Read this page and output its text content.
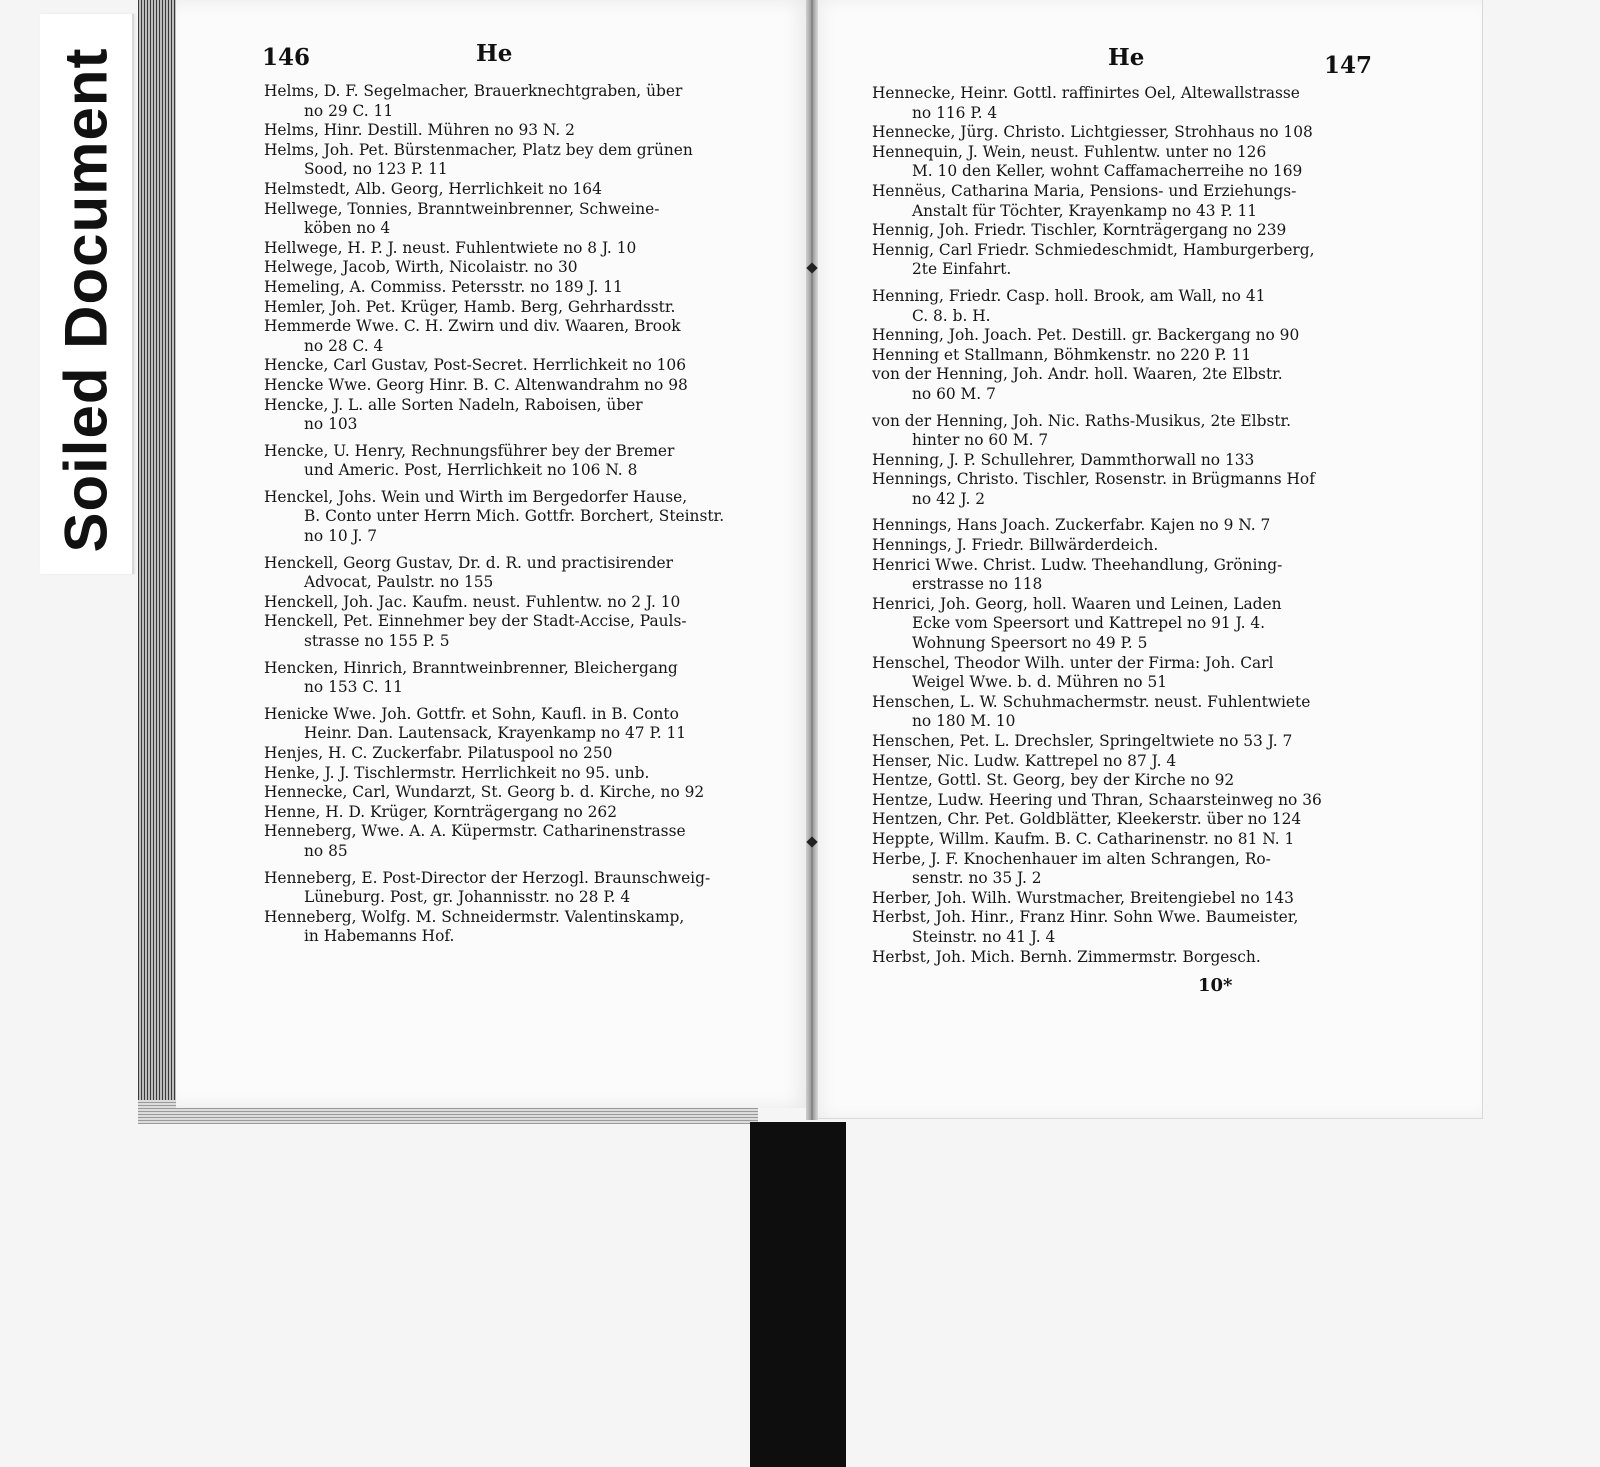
Soiled Document	146	He
Helms, D. F. Segelmacher, Brauerknechtgraben, über
no 29 C. 11
Helms, Hinr. Destill. Mühren no 93 N. 2
Helms, Joh. Pet. Bürstenmacher, Platz bey dem grünen
Sood, no 123 P. 11
Helmstedt, Alb. Georg, Herrlichkeit no 164
Hellwege, Tonnies, Branntweinbrenner, Schweine-
köben no 4
Hellwege, H. P. J. neust. Fuhlentwiete no 8 J. 10
Helwege, Jacob, Wirth, Nicolaistr. no 30
Hemeling, A. Commiss. Petersstr. no 189 J. 11
Hemler, Joh. Pet. Krüger, Hamb. Berg, Gehrhardsstr.
Hemmerde Wwe. C. H. Zwirn und div. Waaren, Brook
no 28 C. 4
Hencke, Carl Gustav, Post-Secret. Herrlichkeit no 106
Hencke Wwe. Georg Hinr. B. C. Altenwandrahm no 98
Hencke, J. L. alle Sorten Nadeln, Raboisen, über
no 103
Hencke, U. Henry, Rechnungsführer bey der Bremer
und Americ. Post, Herrlichkeit no 106 N. 8
Henckel, Johs. Wein und Wirth im Bergedorfer Hause,
B. Conto unter Herrn Mich. Gottfr. Borchert, Steinstr.
no 10 J. 7
Henckell, Georg Gustav, Dr. d. R. und practisirender
Advocat, Paulstr. no 155
Henckell, Joh. Jac. Kaufm. neust. Fuhlentw. no 2 J. 10
Henckell, Pet. Einnehmer bey der Stadt-Accise, Pauls-
strasse no 155 P. 5
Hencken, Hinrich, Branntweinbrenner, Bleichergang
no 153 C. 11
Henicke Wwe. Joh. Gottfr. et Sohn, Kaufl. in B. Conto
Heinr. Dan. Lautensack, Krayenkamp no 47 P. 11
Henjes, H. C. Zuckerfabr. Pilatuspool no 250
Henke, J. J. Tischlermstr. Herrlichkeit no 95. unb.
Hennecke, Carl, Wundarzt, St. Georg b. d. Kirche, no 92
Henne, H. D. Krüger, Kornträgergang no 262
Henneberg, Wwe. A. A. Küpermstr. Catharinenstrasse
no 85
Henneberg, E. Post-Director der Herzogl. Braunschweig-
Lüneburg. Post, gr. Johannisstr. no 28 P. 4
Henneberg, Wolfg. M. Schneidermstr. Valentinskamp,
in Habemanns Hof.
He	147
Hennecke, Heinr. Gottl. raffinirtes Oel, Altewallstrasse
no 116 P. 4
Hennecke, Jürg. Christo. Lichtgiesser, Strohhaus no 108
Hennequin, J. Wein, neust. Fuhlentw. unter no 126
M. 10 den Keller, wohnt Caffamacherreihe no 169
Hennëus, Catharina Maria, Pensions- und Erziehungs-
Anstalt für Töchter, Krayenkamp no 43 P. 11
Hennig, Joh. Friedr. Tischler, Kornträgergang no 239
Hennig, Carl Friedr. Schmiedeschmidt, Hamburgerberg,
2te Einfahrt.
Henning, Friedr. Casp. holl. Brook, am Wall, no 41
C. 8. b. H.
Henning, Joh. Joach. Pet. Destill. gr. Backergang no 90
Henning et Stallmann, Böhmkenstr. no 220 P. 11
von der Henning, Joh. Andr. holl. Waaren, 2te Elbstr.
no 60 M. 7
von der Henning, Joh. Nic. Raths-Musikus, 2te Elbstr.
hinter no 60 M. 7
Henning, J. P. Schullehrer, Dammthorwall no 133
Hennings, Christo. Tischler, Rosenstr. in Brügmanns Hof
no 42 J. 2
Hennings, Hans Joach. Zuckerfabr. Kajen no 9 N. 7
Hennings, J. Friedr. Billwärderdeich.
Henrici Wwe. Christ. Ludw. Theehandlung, Gröning-
erstrasse no 118
Henrici, Joh. Georg, holl. Waaren und Leinen, Laden
Ecke vom Speersort und Kattrepel no 91 J. 4.
Wohnung Speersort no 49 P. 5
Henschel, Theodor Wilh. unter der Firma: Joh. Carl
Weigel Wwe. b. d. Mühren no 51
Henschen, L. W. Schuhmachermstr. neust. Fuhlentwiete
no 180 M. 10
Henschen, Pet. L. Drechsler, Springeltwiete no 53 J. 7
Henser, Nic. Ludw. Kattrepel no 87 J. 4
Hentze, Gottl. St. Georg, bey der Kirche no 92
Hentze, Ludw. Heering und Thran, Schaarsteinweg no 36
Hentzen, Chr. Pet. Goldblätter, Kleekerstr. über no 124
Heppte, Willm. Kaufm. B. C. Catharinenstr. no 81 N. 1
Herbe, J. F. Knochenhauer im alten Schrangen, Ro-
senstr. no 35 J. 2
Herber, Joh. Wilh. Wurstmacher, Breitengiebel no 143
Herbst, Joh. Hinr., Franz Hinr. Sohn Wwe. Baumeister,
Steinstr. no 41 J. 4
Herbst, Joh. Mich. Bernh. Zimmermstr. Borgesch.
10*
